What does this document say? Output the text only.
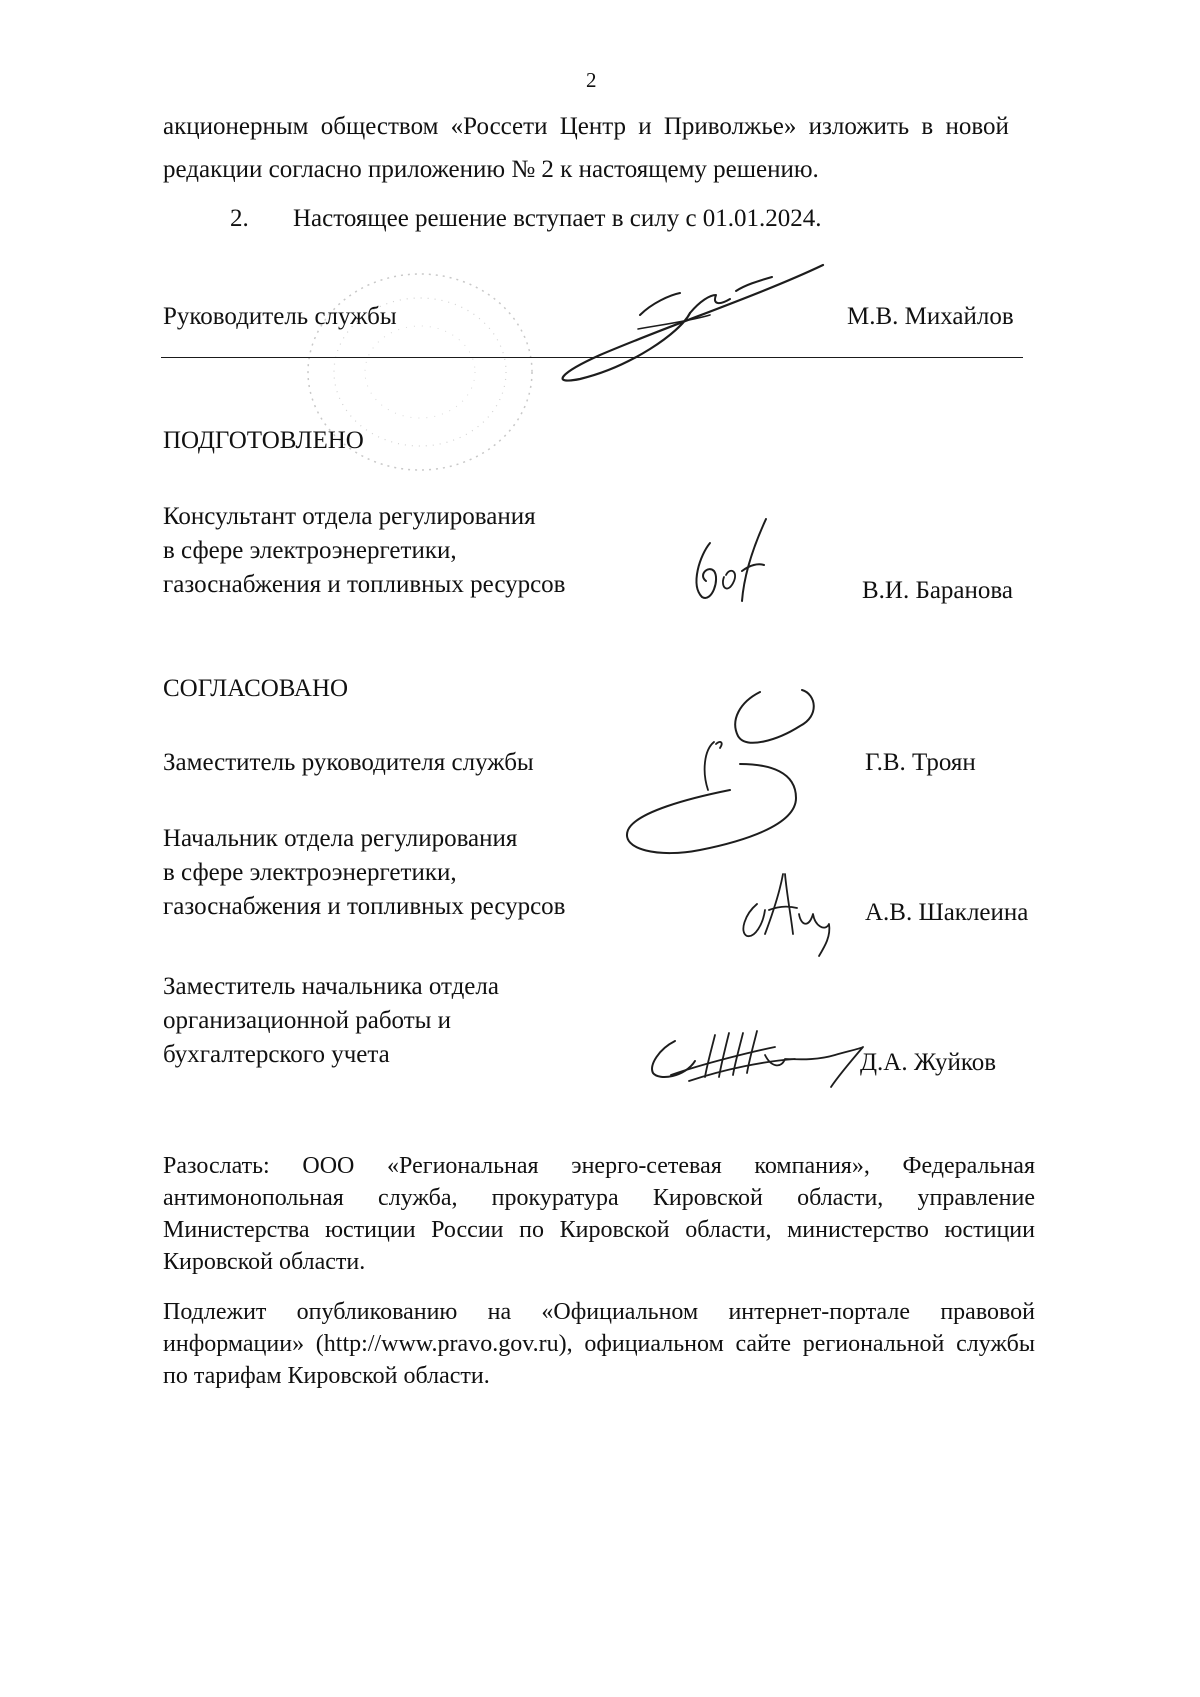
2
акционерным обществом «Россети Центр и Приволжье» изложить в новой
редакции согласно приложению № 2 к настоящему решению.
2. Настоящее решение вступает в силу с 01.01.2024.
Руководитель службы	М.В. Михайлов
ПОДГОТОВЛЕНО
Консультант отдела регулирования
в сфере электроэнергетики,
газоснабжения и топливных ресурсов	В.И. Баранова
СОГЛАСОВАНО
Заместитель руководителя службы	Г.В. Троян
Начальник отдела регулирования
в сфере электроэнергетики,
газоснабжения и топливных ресурсов	А.В. Шаклеина
Заместитель начальника отдела
организационной работы и
бухгалтерского учета	Д.А. Жуйков
Разослать: ООО «Региональная энерго-сетевая компания», Федеральная антимонопольная служба, прокуратура Кировской области, управление Министерства юстиции России по Кировской области, министерство юстиции Кировской области.
Подлежит опубликованию на «Официальном интернет-портале правовой информации» (http://www.pravo.gov.ru), официальном сайте региональной службы по тарифам Кировской области.
